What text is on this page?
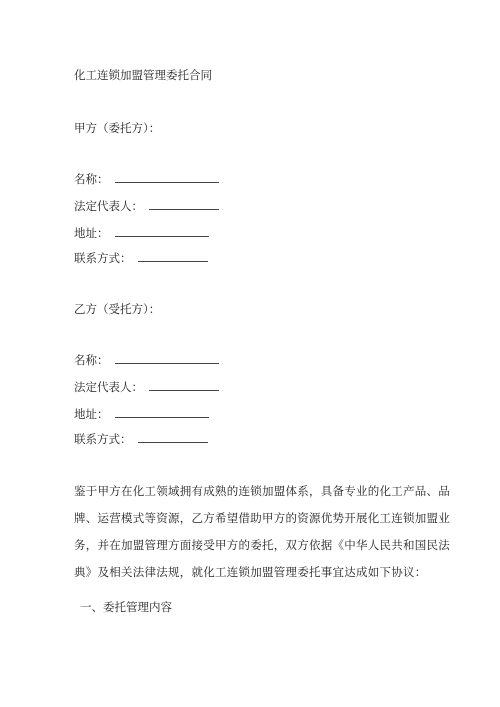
化工连锁加盟管理委托合同
甲方（委托方）：
名称：
法定代表人：
地址：
联系方式：
乙方（受托方）：
名称：
法定代表人：
地址：
联系方式：
鉴于甲方在化工领域拥有成熟的连锁加盟体系，具备专业的化工产品、品
牌、运营模式等资源，乙方希望借助甲方的资源优势开展化工连锁加盟业
务，并在加盟管理方面接受甲方的委托，双方依据《中华人民共和国民法
典》及相关法律法规，就化工连锁加盟管理委托事宜达成如下协议：
一、委托管理内容
